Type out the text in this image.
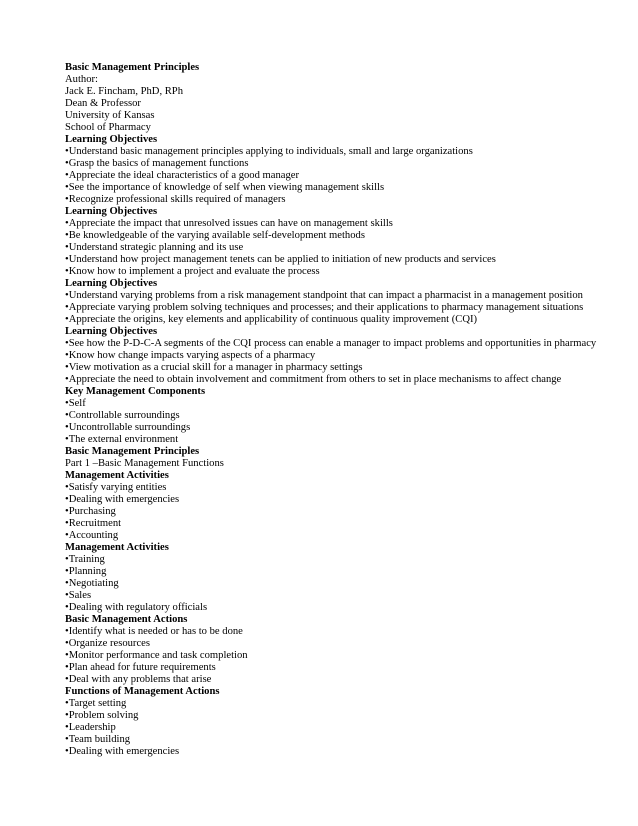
Basic Management Principles
Author:
Jack E. Fincham, PhD, RPh
Dean & Professor
University of Kansas
School of Pharmacy
Learning Objectives
•Understand basic management principles applying to individuals, small and large organizations
•Grasp the basics of management functions
•Appreciate the ideal characteristics of a good manager
•See the importance of knowledge of self when viewing management skills
•Recognize professional skills required of managers
Learning Objectives
•Appreciate the impact that unresolved issues can have on management skills
•Be knowledgeable of the varying available self-development methods
•Understand strategic planning and its use
•Understand how project management tenets can be applied to initiation of new products and services
•Know how to implement a project and evaluate the process
Learning Objectives
•Understand varying problems from a risk management standpoint that can impact a pharmacist in a management position
•Appreciate varying problem solving techniques and processes; and their applications to pharmacy management situations
•Appreciate the origins, key elements and applicability of continuous quality improvement (CQI)
Learning Objectives
•See how the P-D-C-A segments of the CQI process can enable a manager to impact problems and opportunities in pharmacy
•Know how change impacts varying aspects of a pharmacy
•View motivation as a crucial skill for a manager in pharmacy settings
•Appreciate the need to obtain involvement and commitment from others to set in place mechanisms to affect change
Key Management Components
•Self
•Controllable surroundings
•Uncontrollable surroundings
•The external environment
Basic Management Principles
Part 1 –Basic Management Functions
Management Activities
•Satisfy varying entities
•Dealing with emergencies
•Purchasing
•Recruitment
•Accounting
Management Activities
•Training
•Planning
•Negotiating
•Sales
•Dealing with regulatory officials
Basic Management Actions
•Identify what is needed or has to be done
•Organize resources
•Monitor performance and task completion
•Plan ahead for future requirements
•Deal with any problems that arise
Functions of Management Actions
•Target setting
•Problem solving
•Leadership
•Team building
•Dealing with emergencies
